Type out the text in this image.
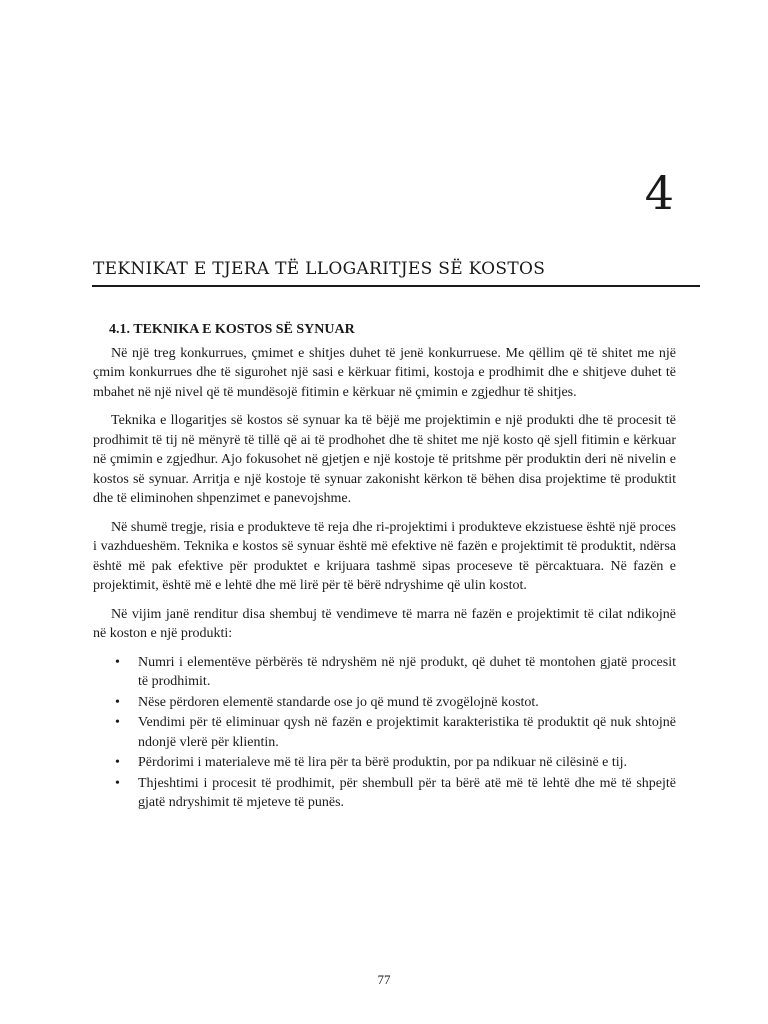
4
TEKNIKAT E TJERA TË LLOGARITJES SË KOSTOS
4.1. TEKNIKA E KOSTOS SË SYNUAR

Në një treg konkurrues, çmimet e shitjes duhet të jenë konkurruese. Me qëllim që të shitet me një çmim konkurrues dhe të sigurohet një sasi e kërkuar fitimi, kostoja e prodhimit dhe e shitjeve duhet të mbahet në një nivel që të mundësojë fitimin e kërkuar në çmimin e zgjedhur të shitjes.

Teknika e llogaritjes së kostos së synuar ka të bëjë me projektimin e një produkti dhe të procesit të prodhimit të tij në mënyrë të tillë që ai të prodhohet dhe të shitet me një kosto që sjell fitimin e kërkuar në çmimin e zgjedhur. Ajo fokusohet në gjetjen e një kostoje të pritshme për produktin deri në nivelin e kostos së synuar. Arritja e një kostoje të synuar zakonisht kërkon të bëhen disa projektime të produktit dhe të eliminohen shpenzimet e panevojshme.

Në shumë tregje, risia e produkteve të reja dhe ri-projektimi i produkteve ekzistuese është një proces i vazhdueshëm. Teknika e kostos së synuar është më efektive në fazën e projektimit të produktit, ndërsa është më pak efektive për produktet e krijuara tashmë sipas proceseve të përcaktuara. Në fazën e projektimit, është më e lehtë dhe më lirë për të bërë ndryshime që ulin kostot.

Në vijim janë renditur disa shembuj të vendimeve të marra në fazën e projektimit të cilat ndikojnë në koston e një produkti:

• Numri i elementëve përbërës të ndryshëm në një produkt, që duhet të montohen gjatë procesit të prodhimit.
• Nëse përdoren elementë standarde ose jo që mund të zvogëlojnë kostot.
• Vendimi për të eliminuar qysh në fazën e projektimit karakteristika të produktit që nuk shtojnë ndonjë vlerë për klientin.
• Përdorimi i materialeve më të lira për ta bërë produktin, por pa ndikuar në cilësinë e tij.
• Thjeshtimi i procesit të prodhimit, për shembull për ta bërë atë më të lehtë dhe më të shpejtë gjatë ndryshimit të mjeteve të punës.
77
